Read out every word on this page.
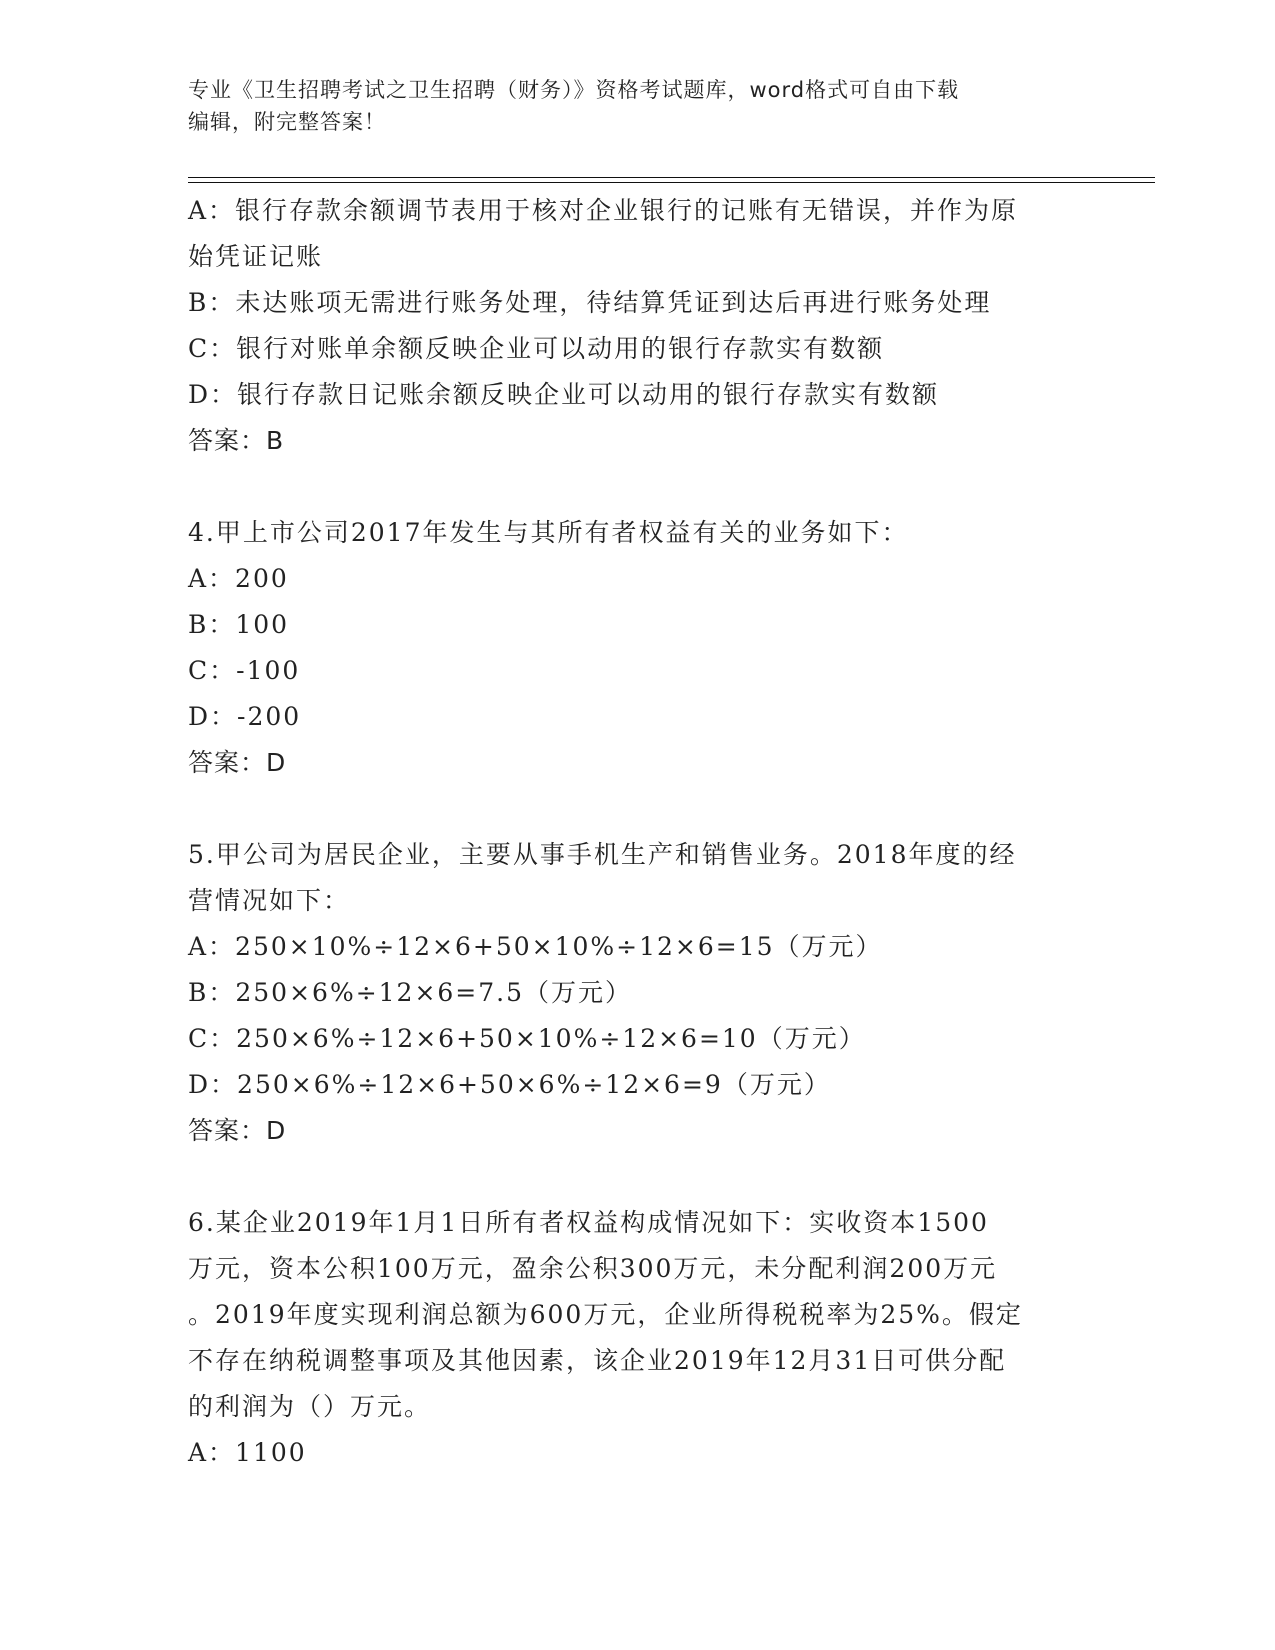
专业《卫生招聘考试之卫生招聘（财务）》资格考试题库，word格式可自由下载
编辑，附完整答案！
A：银行存款余额调节表用于核对企业银行的记账有无错误，并作为原
始凭证记账
B：未达账项无需进行账务处理，待结算凭证到达后再进行账务处理
C：银行对账单余额反映企业可以动用的银行存款实有数额
D：银行存款日记账余额反映企业可以动用的银行存款实有数额
答案：B
4.甲上市公司2017年发生与其所有者权益有关的业务如下：
A：200
B：100
C：-100
D：-200
答案：D
5.甲公司为居民企业，主要从事手机生产和销售业务。2018年度的经
营情况如下：
A：250×10%÷12×6+50×10%÷12×6=15（万元）
B：250×6%÷12×6=7.5（万元）
C：250×6%÷12×6+50×10%÷12×6=10（万元）
D：250×6%÷12×6+50×6%÷12×6=9（万元）
答案：D
6.某企业2019年1月1日所有者权益构成情况如下：实收资本1500
万元，资本公积100万元，盈余公积300万元，未分配利润200万元
。2019年度实现利润总额为600万元，企业所得税税率为25%。假定
不存在纳税调整事项及其他因素，该企业2019年12月31日可供分配
的利润为（）万元。
A：1100
